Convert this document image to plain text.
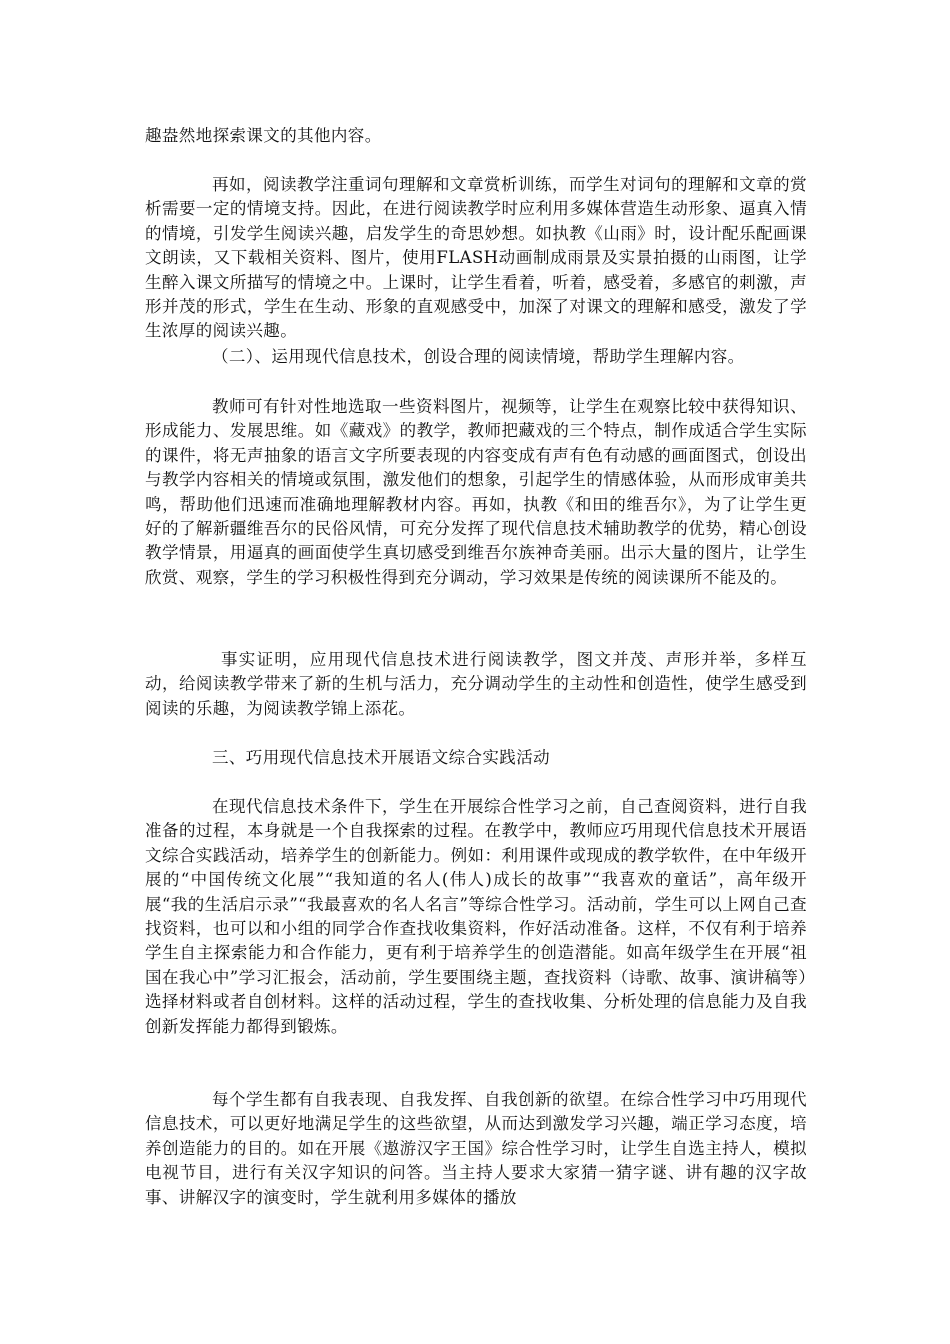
趣盎然地探索课文的其他内容。

再如，阅读教学注重词句理解和文章赏析训练，而学生对词句的理解和文章的赏析需要一定的情境支持。因此，在进行阅读教学时应利用多媒体营造生动形象、逼真入情的情境，引发学生阅读兴趣，启发学生的奇思妙想。如执教《山雨》时，设计配乐配画课文朗读，又下载相关资料、图片，使用FLASH动画制成雨景及实景拍摄的山雨图，让学生醉入课文所描写的情境之中。上课时，让学生看着，听着，感受着，多感官的刺激，声形并茂的形式，学生在生动、形象的直观感受中，加深了对课文的理解和感受，激发了学生浓厚的阅读兴趣。

（二）、运用现代信息技术，创设合理的阅读情境，帮助学生理解内容。

教师可有针对性地选取一些资料图片，视频等，让学生在观察比较中获得知识、形成能力、发展思维。如《藏戏》的教学，教师把藏戏的三个特点，制作成适合学生实际的课件，将无声抽象的语言文字所要表现的内容变成有声有色有动感的画面图式，创设出与教学内容相关的情境或氛围，激发他们的想象，引起学生的情感体验，从而形成审美共鸣，帮助他们迅速而准确地理解教材内容。再如，执教《和田的维吾尔》，为了让学生更好的了解新疆维吾尔的民俗风情，可充分发挥了现代信息技术辅助教学的优势，精心创设教学情景，用逼真的画面使学生真切感受到维吾尔族神奇美丽。出示大量的图片，让学生欣赏、观察，学生的学习积极性得到充分调动，学习效果是传统的阅读课所不能及的。

事实证明，应用现代信息技术进行阅读教学，图文并茂、声形并举，多样互动，给阅读教学带来了新的生机与活力，充分调动学生的主动性和创造性，使学生感受到阅读的乐趣，为阅读教学锦上添花。

三、巧用现代信息技术开展语文综合实践活动

在现代信息技术条件下，学生在开展综合性学习之前，自己查阅资料，进行自我准备的过程，本身就是一个自我探索的过程。在教学中，教师应巧用现代信息技术开展语文综合实践活动，培养学生的创新能力。例如：利用课件或现成的教学软件，在中年级开展的“中国传统文化展”“我知道的名人(伟人)成长的故事”“我喜欢的童话”，高年级开展“我的生活启示录”“我最喜欢的名人名言”等综合性学习。活动前，学生可以上网自己查找资料，也可以和小组的同学合作查找收集资料，作好活动准备。这样，不仅有利于培养学生自主探索能力和合作能力，更有利于培养学生的创造潜能。如高年级学生在开展“祖国在我心中”学习汇报会，活动前，学生要围绕主题，查找资料（诗歌、故事、演讲稿等）选择材料或者自创材料。这样的活动过程，学生的查找收集、分析处理的信息能力及自我创新发挥能力都得到锻炼。

每个学生都有自我表现、自我发挥、自我创新的欲望。在综合性学习中巧用现代信息技术，可以更好地满足学生的这些欲望，从而达到激发学习兴趣，端正学习态度，培养创造能力的目的。如在开展《遨游汉字王国》综合性学习时，让学生自选主持人，模拟电视节目，进行有关汉字知识的问答。当主持人要求大家猜一猜字谜、讲有趣的汉字故事、讲解汉字的演变时，学生就利用多媒体的播放
